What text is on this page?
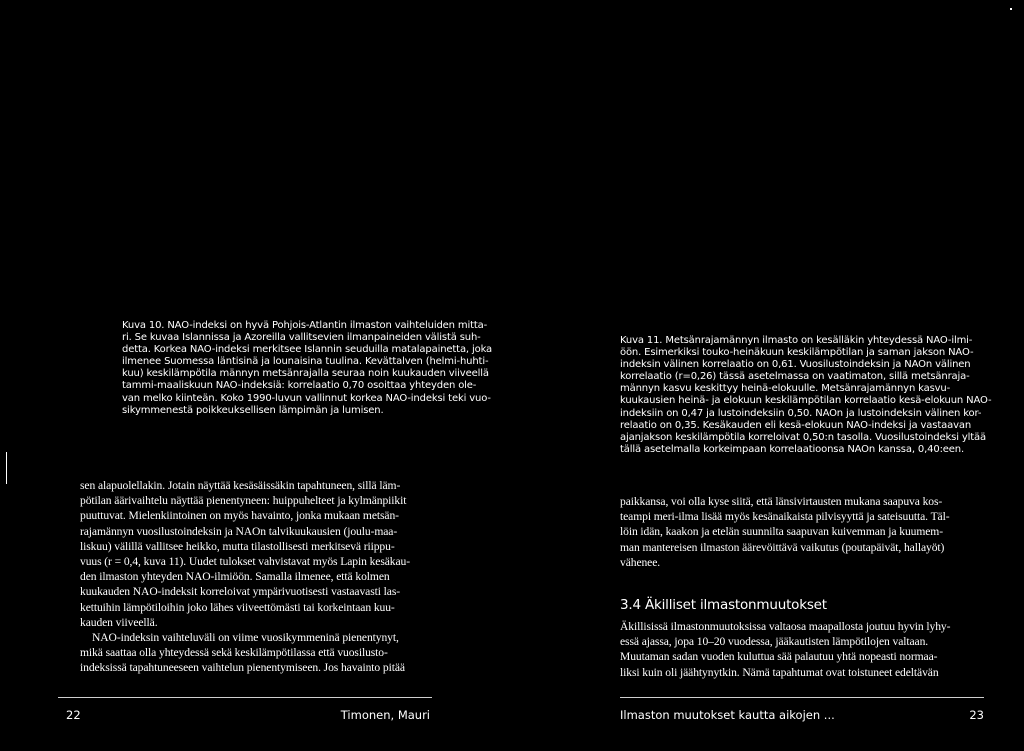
Kuva 10. NAO-indeksi on hyvä Pohjois-Atlantin ilmaston vaihteluiden mitta-
ri. Se kuvaa Islannissa ja Azoreilla vallitsevien ilmanpaineiden välistä suh-
detta. Korkea NAO-indeksi merkitsee Islannin seuduilla matalapainetta, joka
ilmenee Suomessa läntisinä ja lounaisina tuulina. Kevättalven (helmi-huhti-
kuu) keskilämpötila männyn metsänrajalla seuraa noin kuukauden viiveellä
tammi-maaliskuun NAO-indeksiä: korrelaatio 0,70 osoittaa yhteyden ole-
van melko kiinteän. Koko 1990-luvun vallinnut korkea NAO-indeksi teki vuo-
sikymmenestä poikkeuksellisen lämpimän ja lumisen.
Kuva 11. Metsänrajamännyn ilmasto on kesälläkin yhteydessä NAO-ilmi-
öön. Esimerkiksi touko-heinäkuun keskilämpötilan ja saman jakson NAO-
indeksin välinen korrelaatio on 0,61. Vuosilustoindeksin ja NAOn välinen
korrelaatio (r=0,26) tässä asetelmassa on vaatimaton, sillä metsänraja-
männyn kasvu keskittyy heinä-elokuulle. Metsänrajamännyn kasvu-
kuukausien heinä- ja elokuun keskilämpötilan korrelaatio kesä-elokuun NAO-
indeksiin on 0,47 ja lustoindeksiin 0,50. NAOn ja lustoindeksin välinen kor-
relaatio on 0,35. Kesäkauden eli kesä-elokuun NAO-indeksi ja vastaavan
ajanjakson keskilämpötila korreloivat 0,50:n tasolla. Vuosilustoindeksi yltää
tällä asetelmalla korkeimpaan korrelaatioonsa NAOn kanssa, 0,40:een.
sen alapuolellakin. Jotain näyttää kesäsäissäkin tapahtuneen, sillä läm-
pötilan äärivaihtelu näyttää pienentyneen: huippuhelteet ja kylmänpiikit
puuttuvat. Mielenkiintoinen on myös havainto, jonka mukaan metsän-
rajamännyn vuosilustoindeksin ja NAOn talvikuukausien (joulu-maa-
liskuu) välillä vallitsee heikko, mutta tilastollisesti merkitsevä riippu-
vuus (r = 0,4, kuva 11). Uudet tulokset vahvistavat myös Lapin kesäkau-
den ilmaston yhteyden NAO-ilmiöön. Samalla ilmenee, että kolmen
kuukauden NAO-indeksit korreloivat ympärivuotisesti vastaavasti las-
kettuihin lämpötiloihin joko lähes viiveettömästi tai korkeintaan kuu-
kauden viiveellä.
NAO-indeksin vaihteluväli on viime vuosikymmeninä pienentynyt,
mikä saattaa olla yhteydessä sekä keskilämpötilassa että vuosilusto-
indeksissä tapahtuneeseen vaihtelun pienentymiseen. Jos havainto pitää
paikkansa, voi olla kyse siitä, että länsivirtausten mukana saapuva kos-
teampi meri-ilma lisää myös kesänaikaista pilvisyyttä ja sateisuutta. Täl-
löin idän, kaakon ja etelän suunnilta saapuvan kuivemman ja kuumem-
man mantereisen ilmaston äärevöittävä vaikutus (poutapäivät, hallayöt)
vähenee.
3.4 Äkilliset ilmastonmuutokset
Äkillisissä ilmastonmuutoksissa valtaosa maapallosta joutuu hyvin lyhy-
essä ajassa, jopa 10–20 vuodessa, jääkautisten lämpötilojen valtaan.
Muutaman sadan vuoden kuluttua sää palautuu yhtä nopeasti normaa-
liksi kuin oli jäähtynytkin. Nämä tapahtumat ovat toistuneet edeltävän
22	Timonen, Mauri	Ilmaston muutokset kautta aikojen ...	23
